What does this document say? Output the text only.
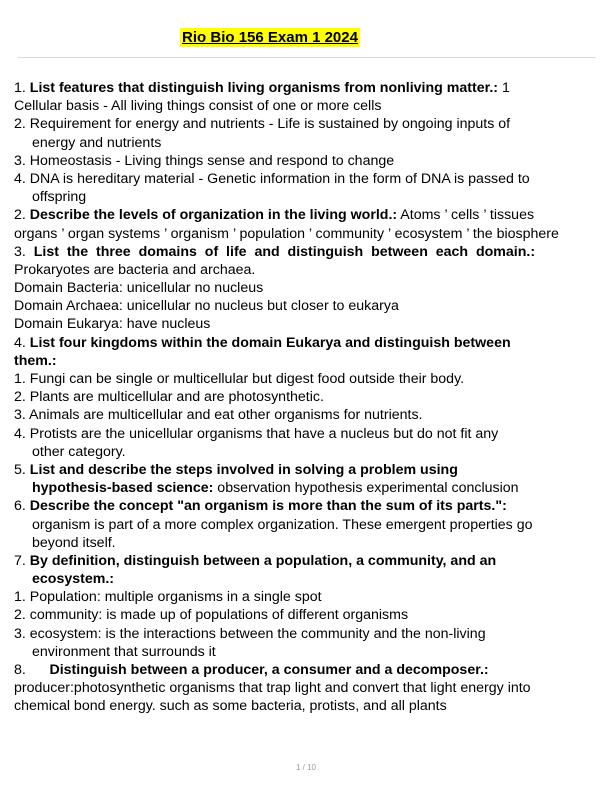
Rio Bio 156 Exam 1 2024
1. List features that distinguish living organisms from nonliving matter.: 1
Cellular basis - All living things consist of one or more cells
2. Requirement for energy and nutrients - Life is sustained by ongoing inputs of
energy and nutrients
3. Homeostasis - Living things sense and respond to change
4. DNA is hereditary material - Genetic information in the form of DNA is passed to
offspring
2. Describe the levels of organization in the living world.: Atoms ’ cells ’ tissues
organs ’ organ systems ’ organism ’ population ’ community ’ ecosystem ’ the biosphere
3.  List  the  three  domains  of  life  and  distinguish  between  each  domain.:
Prokaryotes are bacteria and archaea.
Domain Bacteria: unicellular no nucleus
Domain Archaea: unicellular no nucleus but closer to eukarya
Domain Eukarya: have nucleus
4. List four kingdoms within the domain Eukarya and distinguish between
them.:
1. Fungi can be single or multicellular but digest food outside their body.
2. Plants are multicellular and are photosynthetic.
3. Animals are multicellular and eat other organisms for nutrients.
4. Protists are the unicellular organisms that have a nucleus but do not fit any
other category.
5. List and describe the steps involved in solving a problem using
hypothesis-based science: observation hypothesis experimental conclusion
6. Describe the concept "an organism is more than the sum of its parts.":
organism is part of a more complex organization. These emergent properties go
beyond itself.
7. By definition, distinguish between a population, a community, and an
ecosystem.:
1. Population: multiple organisms in a single spot
2. community: is made up of populations of different organisms
3. ecosystem: is the interactions between the community and the non-living
environment that surrounds it
8.      Distinguish between a producer, a consumer and a decomposer.:
producer:photosynthetic organisms that trap light and convert that light energy into
chemical bond energy. such as some bacteria, protists, and all plants
1 / 10
